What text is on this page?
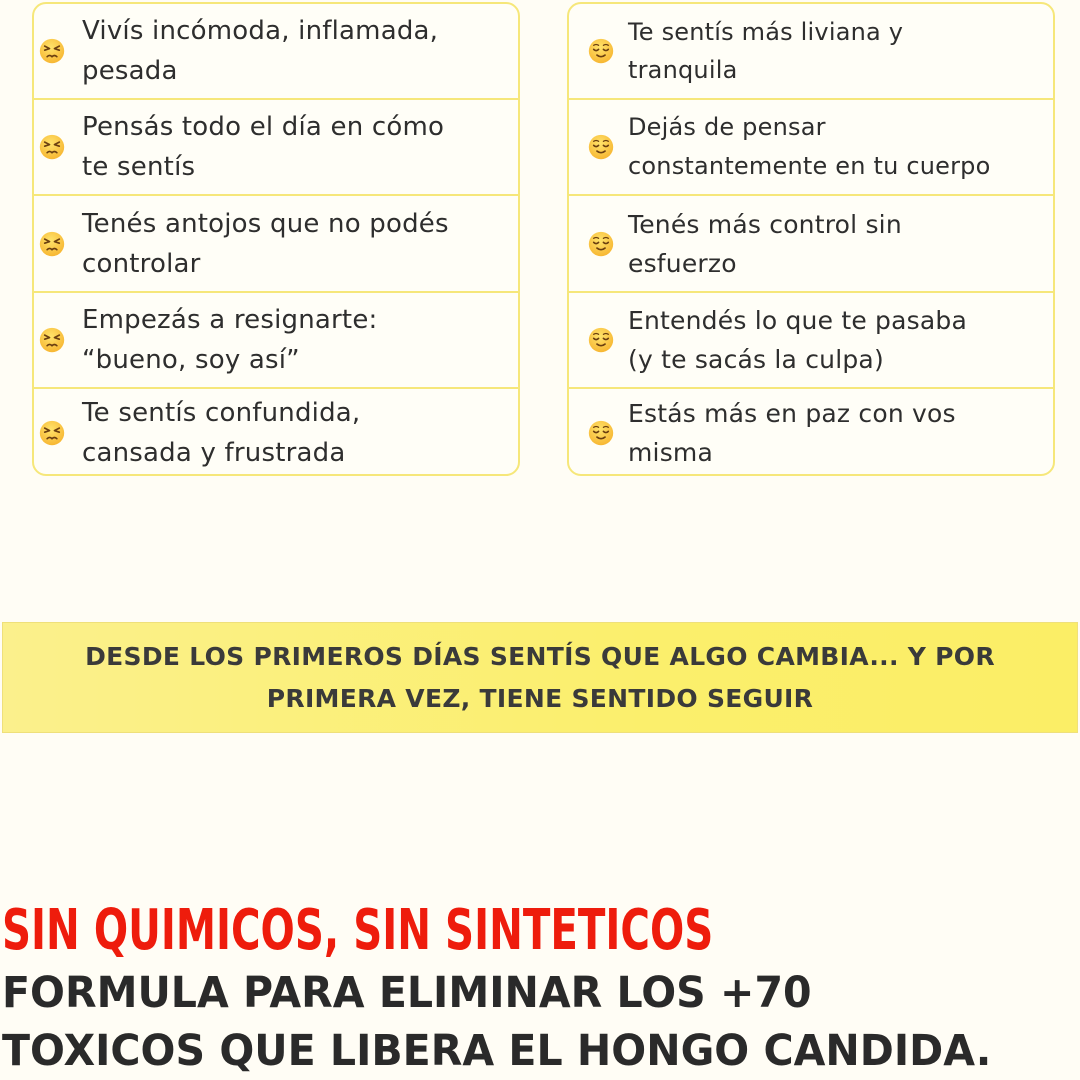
Vivís incómoda, inflamada,
pesada
Pensás todo el día en cómo
te sentís
Tenés antojos que no podés
controlar
Empezás a resignarte:
“bueno, soy así”
Te sentís confundida,
cansada y frustrada
Te sentís más liviana y
tranquila
Dejás de pensar
constantemente en tu cuerpo
Tenés más control sin
esfuerzo
Entendés lo que te pasaba
(y te sacás la culpa)
Estás más en paz con vos
misma
DESDE LOS PRIMEROS DÍAS SENTÍS QUE ALGO CAMBIA... Y POR
PRIMERA VEZ, TIENE SENTIDO SEGUIR
SIN QUIMICOS, SIN SINTETICOS
FORMULA PARA ELIMINAR LOS +70
TOXICOS QUE LIBERA EL HONGO CANDIDA.
